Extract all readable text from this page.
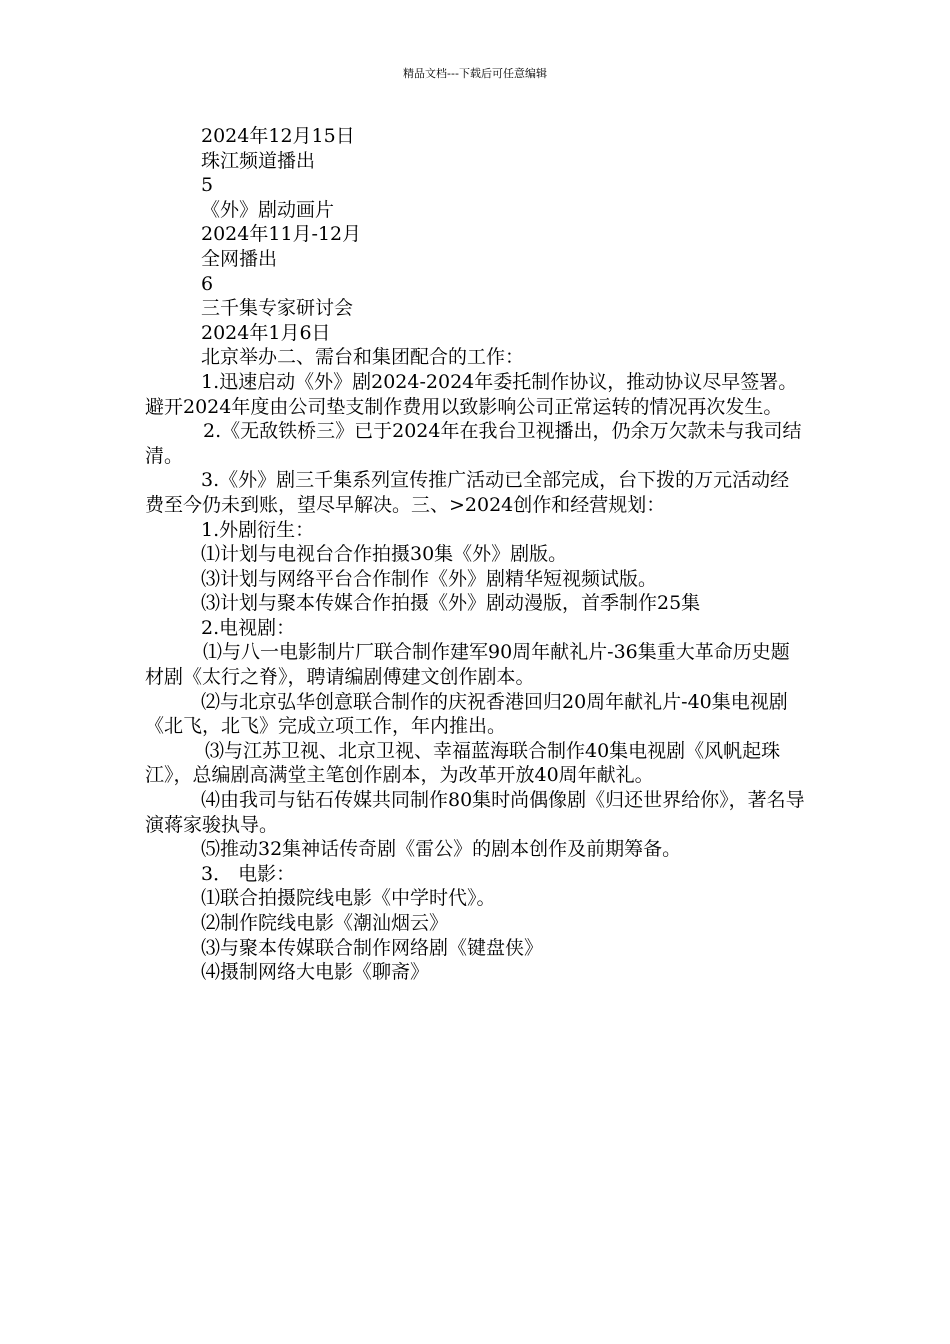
精品文档---下载后可任意编辑

2024年12月15日

珠江频道播出

5

《外》剧动画片

2024年11月-12月

全网播出

6

三千集专家研讨会

2024年1月6日

北京举办二、需台和集团配合的工作：

1.迅速启动《外》剧2024-2024年委托制作协议，推动协议尽早签署。避开2024年度由公司垫支制作费用以致影响公司正常运转的情况再次发生。

2.《无敌铁桥三》已于2024年在我台卫视播出，仍余万欠款未与我司结清。

3.《外》剧三千集系列宣传推广活动已全部完成，台下拨的万元活动经费至今仍未到账，望尽早解决。三、>2024创作和经营规划：

1.外剧衍生：

⑴计划与电视台合作拍摄30集《外》剧版。

⑶计划与网络平台合作制作《外》剧精华短视频试版。

⑶计划与聚本传媒合作拍摄《外》剧动漫版，首季制作25集

2.电视剧：

⑴与八一电影制片厂联合制作建军90周年献礼片-36集重大革命历史题材剧《太行之脊》，聘请编剧傅建文创作剧本。

⑵与北京弘华创意联合制作的庆祝香港回归20周年献礼片-40集电视剧《北飞，北飞》完成立项工作，年内推出。

⑶与江苏卫视、北京卫视、幸福蓝海联合制作40集电视剧《风帆起珠江》，总编剧高满堂主笔创作剧本，为改革开放40周年献礼。

⑷由我司与钻石传媒共同制作80集时尚偶像剧《归还世界给你》，著名导演蒋家骏执导。

⑸推动32集神话传奇剧《雷公》的剧本创作及前期筹备。

3． 电影：

⑴联合拍摄院线电影《中学时代》。

⑵制作院线电影《潮汕烟云》

⑶与聚本传媒联合制作网络剧《键盘侠》

⑷摄制网络大电影《聊斋》
